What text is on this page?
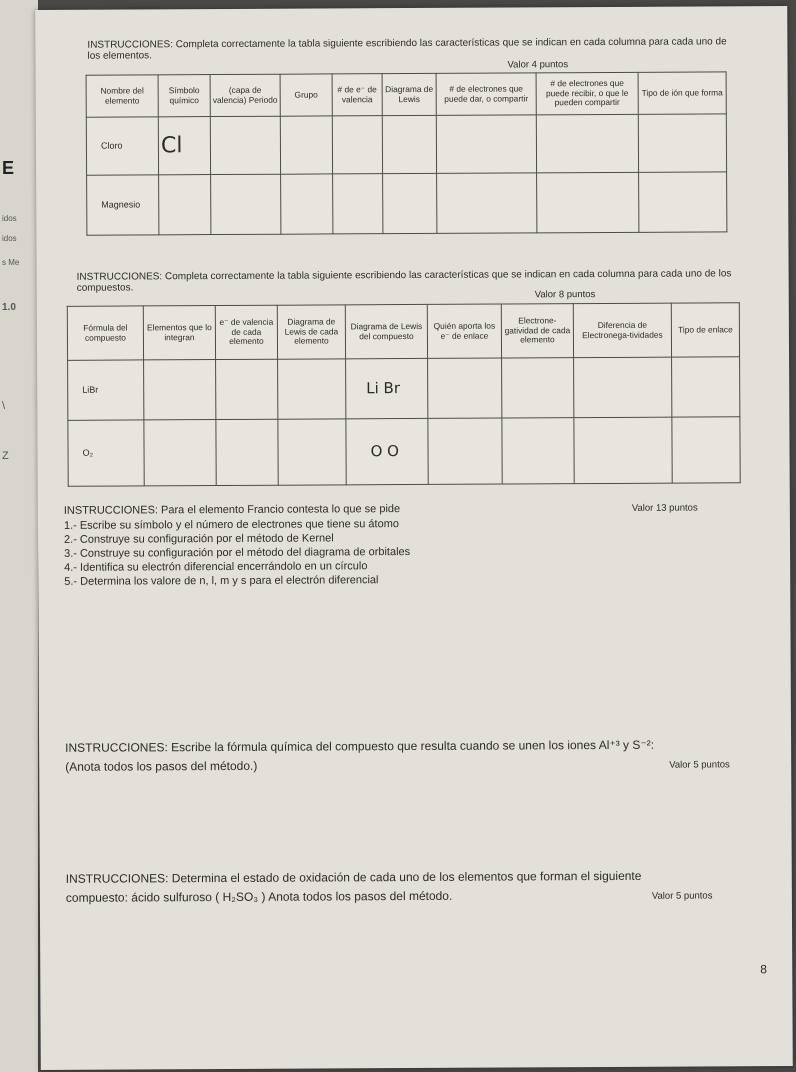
E
idos
idos
s Me
1.0
\
Z
INSTRUCCIONES: Completa correctamente la tabla siguiente escribiendo las características que se indican en cada columna para cada uno de los elementos.
Valor 4 puntos
Nombre del elemento	Símbolo químico	(capa de valencia) Periodo	Grupo	# de e⁻ de valencia	Diagrama de Lewis	# de electrones que puede dar, o compartir	# de electrones que puede recibir, o que le pueden compartir	Tipo de ión que forma
Cloro	Cl							
Magnesio								
INSTRUCCIONES: Completa correctamente la tabla siguiente escribiendo las características que se indican en cada columna para cada uno de los compuestos.
Valor 8 puntos
Fórmula del compuesto	Elementos que lo integran	e⁻ de valencia de cada elemento	Diagrama de Lewis de cada elemento	Diagrama de Lewis del compuesto	Quién aporta los e⁻ de enlace	Electrone-gatividad de cada elemento	Diferencia de Electronega-tividades	Tipo de enlace
LiBr				Li Br				
O₂				O O				
INSTRUCCIONES: Para el elemento Francio contesta lo que se pide	Valor 13 puntos
1.- Escribe su símbolo y el número de electrones que tiene su átomo
2.- Construye su configuración por el método de Kernel
3.- Construye su configuración por el método del diagrama de orbitales
4.- Identifica su electrón diferencial encerrándolo en un círculo
5.- Determina los valore de n, l, m y s para el electrón diferencial
INSTRUCCIONES: Escribe la fórmula química del compuesto que resulta cuando se unen los iones Al⁺³ y S⁻²:
(Anota todos los pasos del método.)	Valor 5 puntos
INSTRUCCIONES: Determina el estado de oxidación de cada uno de los elementos que forman el siguiente
compuesto: ácido sulfuroso ( H₂SO₃ ) Anota todos los pasos del método.	Valor 5 puntos
8
